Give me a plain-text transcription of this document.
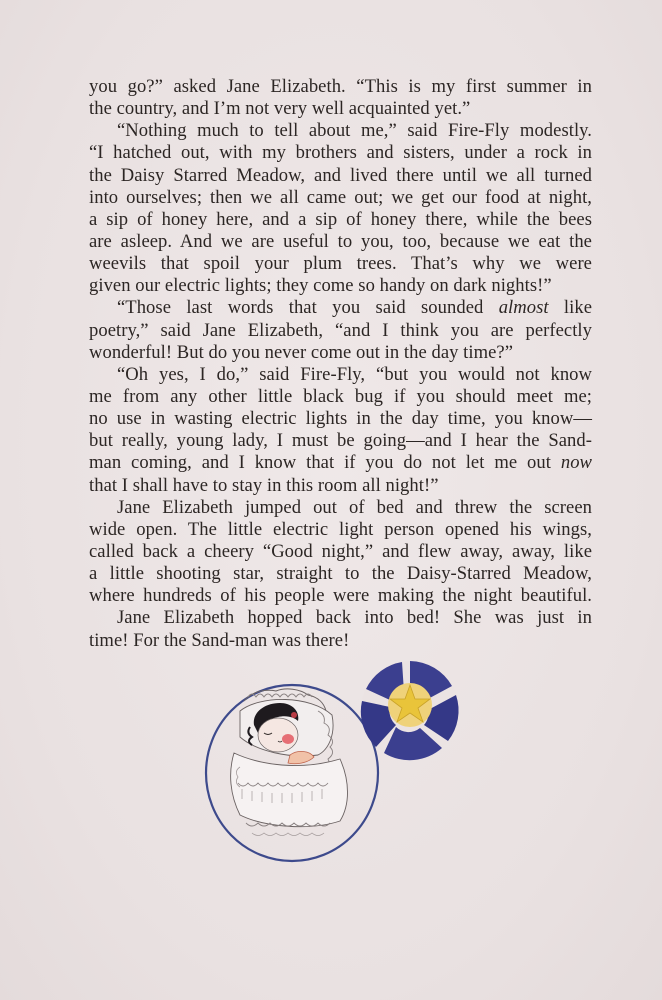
you go?” asked Jane Elizabeth. “This is my first summer in
the country, and I’m not very well acquainted yet.”
“Nothing much to tell about me,” said Fire-Fly modestly.
“I hatched out, with my brothers and sisters, under a rock in
the Daisy Starred Meadow, and lived there until we all turned
into ourselves; then we all came out; we get our food at night,
a sip of honey here, and a sip of honey there, while the bees
are asleep. And we are useful to you, too, because we eat the
weevils that spoil your plum trees. That’s why we were
given our electric lights; they come so handy on dark nights!”
“Those last words that you said sounded almost like
poetry,” said Jane Elizabeth, “and I think you are perfectly
wonderful! But do you never come out in the day time?”
“Oh yes, I do,” said Fire-Fly, “but you would not know
me from any other little black bug if you should meet me;
no use in wasting electric lights in the day time, you know—
but really, young lady, I must be going—and I hear the Sand-
man coming, and I know that if you do not let me out now
that I shall have to stay in this room all night!”
Jane Elizabeth jumped out of bed and threw the screen
wide open. The little electric light person opened his wings,
called back a cheery “Good night,” and flew away, away, like
a little shooting star, straight to the Daisy-Starred Meadow,
where hundreds of his people were making the night beautiful.
Jane Elizabeth hopped back into bed! She was just in
time! For the Sand-man was there!
